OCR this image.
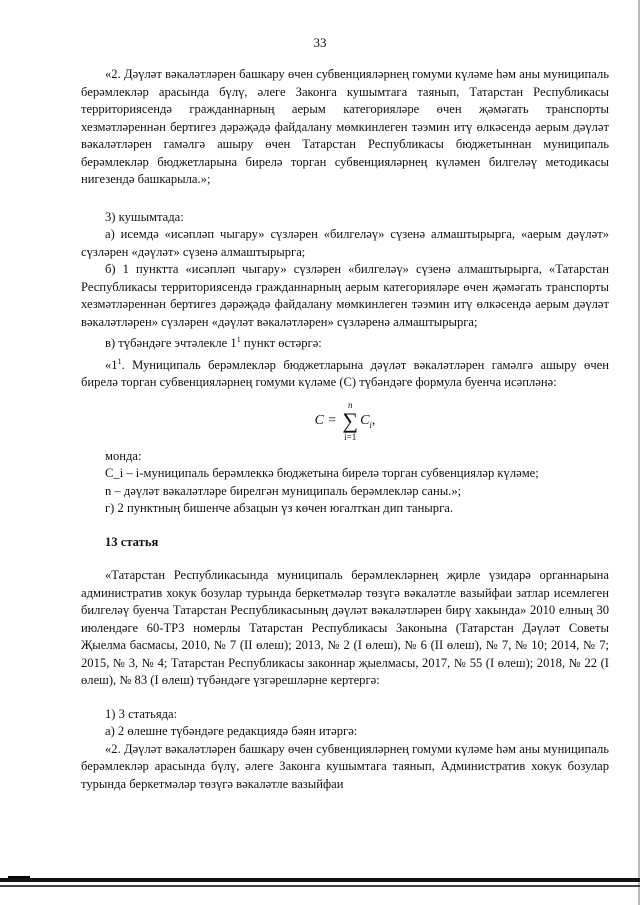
33

«2. Дәүләт вәкаләтләрен башкару өчен субвенцияләрнең гомуми күләме һәм аны муниципаль берәмлекләр арасында бүлү, әлеге Законга кушымтага таянып, Татарстан Республикасы территориясендә гражданнарның аерым категорияләре өчен җәмәгать транспорты хезмәтләреннән бертигез дәрәҗәдә файдалану мөмкинлеген тәэмин итү өлкәсендә аерым дәүләт вәкаләтләрен гамәлгә ашыру өчен Татарстан Республикасы бюджетыннан муниципаль берәмлекләр бюджетларына бирелә торган субвенцияләрнең күләмен билгеләү методикасы нигезендә башкарыла.»;

3) кушымтада:

а) исемдә «исәпләп чыгару» сүзләрен «билгеләү» сүзенә алмаштырырга, «аерым дәүләт» сүзләрен «дәүләт» сүзенә алмаштырырга;

б) 1 пунктта «исәпләп чыгару» сүзләрен «билгеләү» сүзенә алмаштырырга, «Татарстан Республикасы территориясендә гражданнарның аерым категорияләре өчен җәмәгать транспорты хезмәтләреннән бертигез дәрәҗәдә файдалану мөмкинлеген тәэмин итү өлкәсендә аерым дәүләт вәкаләтләрен» сүзләрен «дәүләт вәкаләтләрен» сүзләренә алмаштырырга;

в) түбәндәге эчтәлекле $1^1$ пункт өстәргә:

«$1^1$. Муниципаль берәмлекләр бюджетларына дәүләт вәкаләтләрен гамәлгә ашыру өчен бирелә торган субвенцияләрнең гомуми күләме (C) түбәндәге формула буенча исәпләнә:

C =
n
∑
i=1
$C_i$,

монда:

C_i – i-муниципаль берәмлеккә бюджетына бирелә торган субвенцияләр күләме;

n – дәүләт вәкаләтләре бирелгән муниципаль берәмлекләр саны.»;

г) 2 пунктның бишенче абзацын үз көчен югалткан дип танырга.

13 статья

«Татарстан Республикасында муниципаль берәмлекләрнең җирле үзидарә органнарына административ хокук бозулар турында беркетмәләр төзүгә вәкаләтле вазыйфаи затлар исемлеген билгеләү буенча Татарстан Республикасының дәүләт вәкаләтләрен бирү хакында» 2010 елның 30 июлендәге 60-ТРЗ номерлы Татарстан Республикасы Законына (Татарстан Дәүләт Советы Җыелма басмасы, 2010, № 7 (II өлеш); 2013, № 2 (I өлеш), № 6 (II өлеш), № 7, № 10; 2014, № 7; 2015, № 3, № 4; Татарстан Республикасы законнар җыелмасы, 2017, № 55 (I өлеш); 2018, № 22 (I өлеш), № 83 (I өлеш) түбәндәге үзгәрешләрне кертергә:

1) 3 статьяда:

а) 2 өлешне түбәндәге редакциядә бәян итәргә:

«2. Дәүләт вәкаләтләрен башкару өчен субвенцияләрнең гомуми күләме һәм аны муниципаль берәмлекләр арасында бүлү, әлеге Законга кушымтага таянып, Административ хокук бозулар турында беркетмәләр төзүгә вәкаләтле вазыйфаи
